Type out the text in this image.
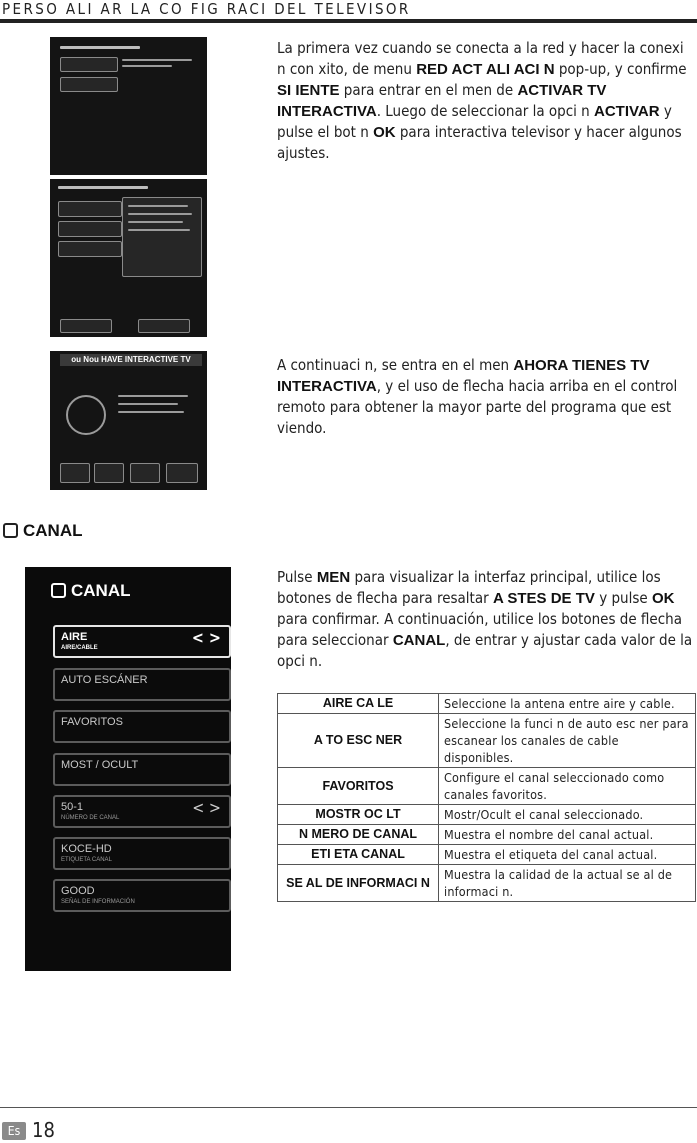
PERSO ALI AR LA CO FIG RACI DEL TELEVISOR
ou Nou HAVE INTERACTIVE TV
La primera vez cuando se conecta a la red y hacer la conexi n con xito, de menu RED ACT ALI ACI N pop-up, y confirme SI IENTE para entrar en el men de ACTIVAR TV INTERACTIVA. Luego de seleccionar la opci n ACTIVAR y pulse el bot n OK para interactiva televisor y hacer algunos ajustes.
A continuaci n, se entra en el men AHORA TIENES TV INTERACTIVA, y el uso de flecha hacia arriba en el control remoto para obtener la mayor parte del programa que est viendo.
CANAL
CANAL
AIRE
AIRE/CABLE
< >
AUTO ESCÁNER
FAVORITOS
MOST / OCULT
50-1
NÚMERO DE CANAL
< >
KOCE-HD
ETIQUETA CANAL
GOOD
SEÑAL DE INFORMACIÓN
Pulse MEN para visualizar la interfaz principal, utilice los botones de flecha para resaltar A STES DE TV y pulse OK para confirmar. A continuación, utilice los botones de flecha para seleccionar CANAL, de entrar y ajustar cada valor de la opci n.
AIRE CA LE	Seleccione la antena entre aire y cable.
A TO ESC NER	Seleccione la funci n de auto esc ner para escanear los canales de cable disponibles.
FAVORITOS	Configure el canal seleccionado como canales favoritos.
MOSTR OC LT	Mostr/Ocult el canal seleccionado.
N MERO DE CANAL	Muestra el nombre del canal actual.
ETI ETA CANAL	Muestra el etiqueta del canal actual.
SE AL DE INFORMACI N	Muestra la calidad de la actual se al de informaci n.
Es 18
